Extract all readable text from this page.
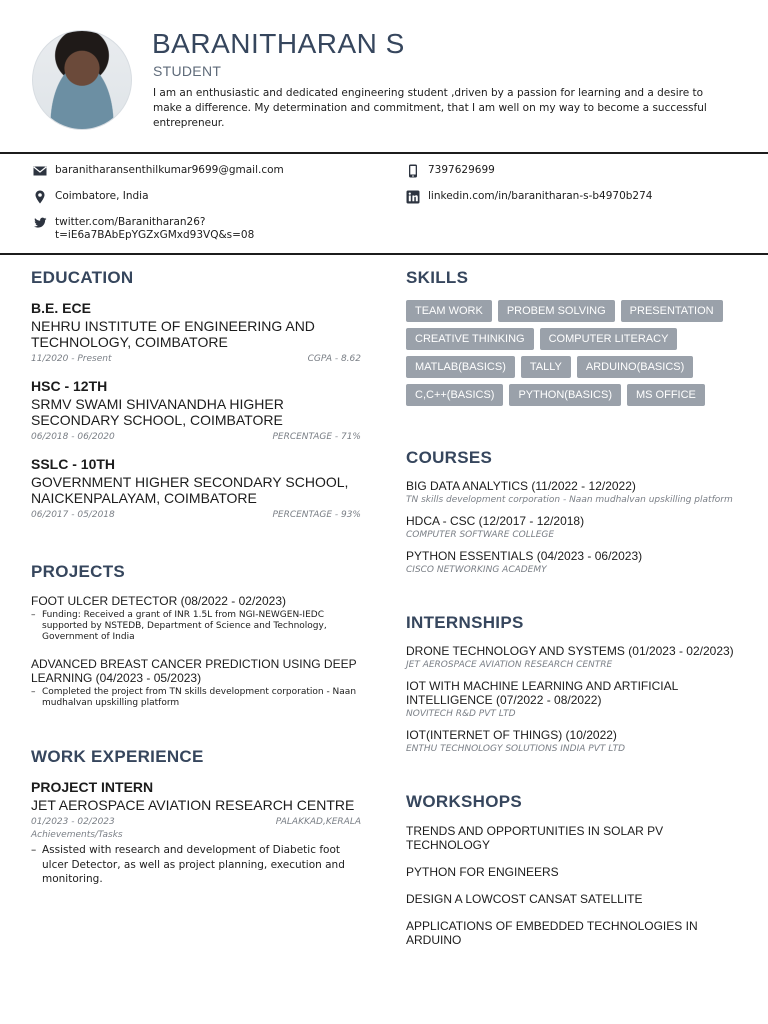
BARANITHARAN S
STUDENT
I am an enthusiastic and dedicated engineering student ,driven by a passion for learning and a desire to make a difference. My determination and commitment, that I am well on my way to become a successful entrepreneur.
baranitharansenthilkumar9699@gmail.com	7397629699
Coimbatore, India	linkedin.com/in/baranitharan-s-b4970b274
twitter.com/Baranitharan26?
t=iE6a7BAbEpYGZxGMxd93VQ&s=08
EDUCATION
B.E. ECE
NEHRU INSTITUTE OF ENGINEERING AND TECHNOLOGY, COIMBATORE
11/2020 - Present	CGPA - 8.62
HSC - 12TH
SRMV SWAMI SHIVANANDHA HIGHER SECONDARY SCHOOL, COIMBATORE
06/2018 - 06/2020	PERCENTAGE - 71%
SSLC - 10TH
GOVERNMENT HIGHER SECONDARY SCHOOL, NAICKENPALAYAM, COIMBATORE
06/2017 - 05/2018	PERCENTAGE - 93%
PROJECTS
FOOT ULCER DETECTOR (08/2022 - 02/2023)
– Funding: Received a grant of INR 1.5L from NGI-NEWGEN-IEDC supported by NSTEDB, Department of Science and Technology, Government of India
ADVANCED BREAST CANCER PREDICTION USING DEEP LEARNING (04/2023 - 05/2023)
– Completed the project from TN skills development corporation - Naan mudhalvan upskilling platform
WORK EXPERIENCE
PROJECT INTERN
JET AEROSPACE AVIATION RESEARCH CENTRE
01/2023 - 02/2023	PALAKKAD,KERALA
Achievements/Tasks
– Assisted with research and development of Diabetic foot ulcer Detector, as well as project planning, execution and monitoring.
SKILLS
TEAM WORK	PROBEM SOLVING	PRESENTATION
CREATIVE THINKING	COMPUTER LITERACY
MATLAB(BASICS)	TALLY	ARDUINO(BASICS)
C,C++(BASICS)	PYTHON(BASICS)	MS OFFICE
COURSES
BIG DATA ANALYTICS (11/2022 - 12/2022)
TN skills development corporation - Naan mudhalvan upskilling platform
HDCA - CSC (12/2017 - 12/2018)
COMPUTER SOFTWARE COLLEGE
PYTHON ESSENTIALS (04/2023 - 06/2023)
CISCO NETWORKING ACADEMY
INTERNSHIPS
DRONE TECHNOLOGY AND SYSTEMS (01/2023 - 02/2023)
JET AEROSPACE AVIATION RESEARCH CENTRE
IOT WITH MACHINE LEARNING AND ARTIFICIAL INTELLIGENCE (07/2022 - 08/2022)
NOVITECH R&D PVT LTD
IOT(INTERNET OF THINGS) (10/2022)
ENTHU TECHNOLOGY SOLUTIONS INDIA PVT LTD
WORKSHOPS
TRENDS AND OPPORTUNITIES IN SOLAR PV TECHNOLOGY
PYTHON FOR ENGINEERS
DESIGN A LOWCOST CANSAT SATELLITE
APPLICATIONS OF EMBEDDED TECHNOLOGIES IN ARDUINO
